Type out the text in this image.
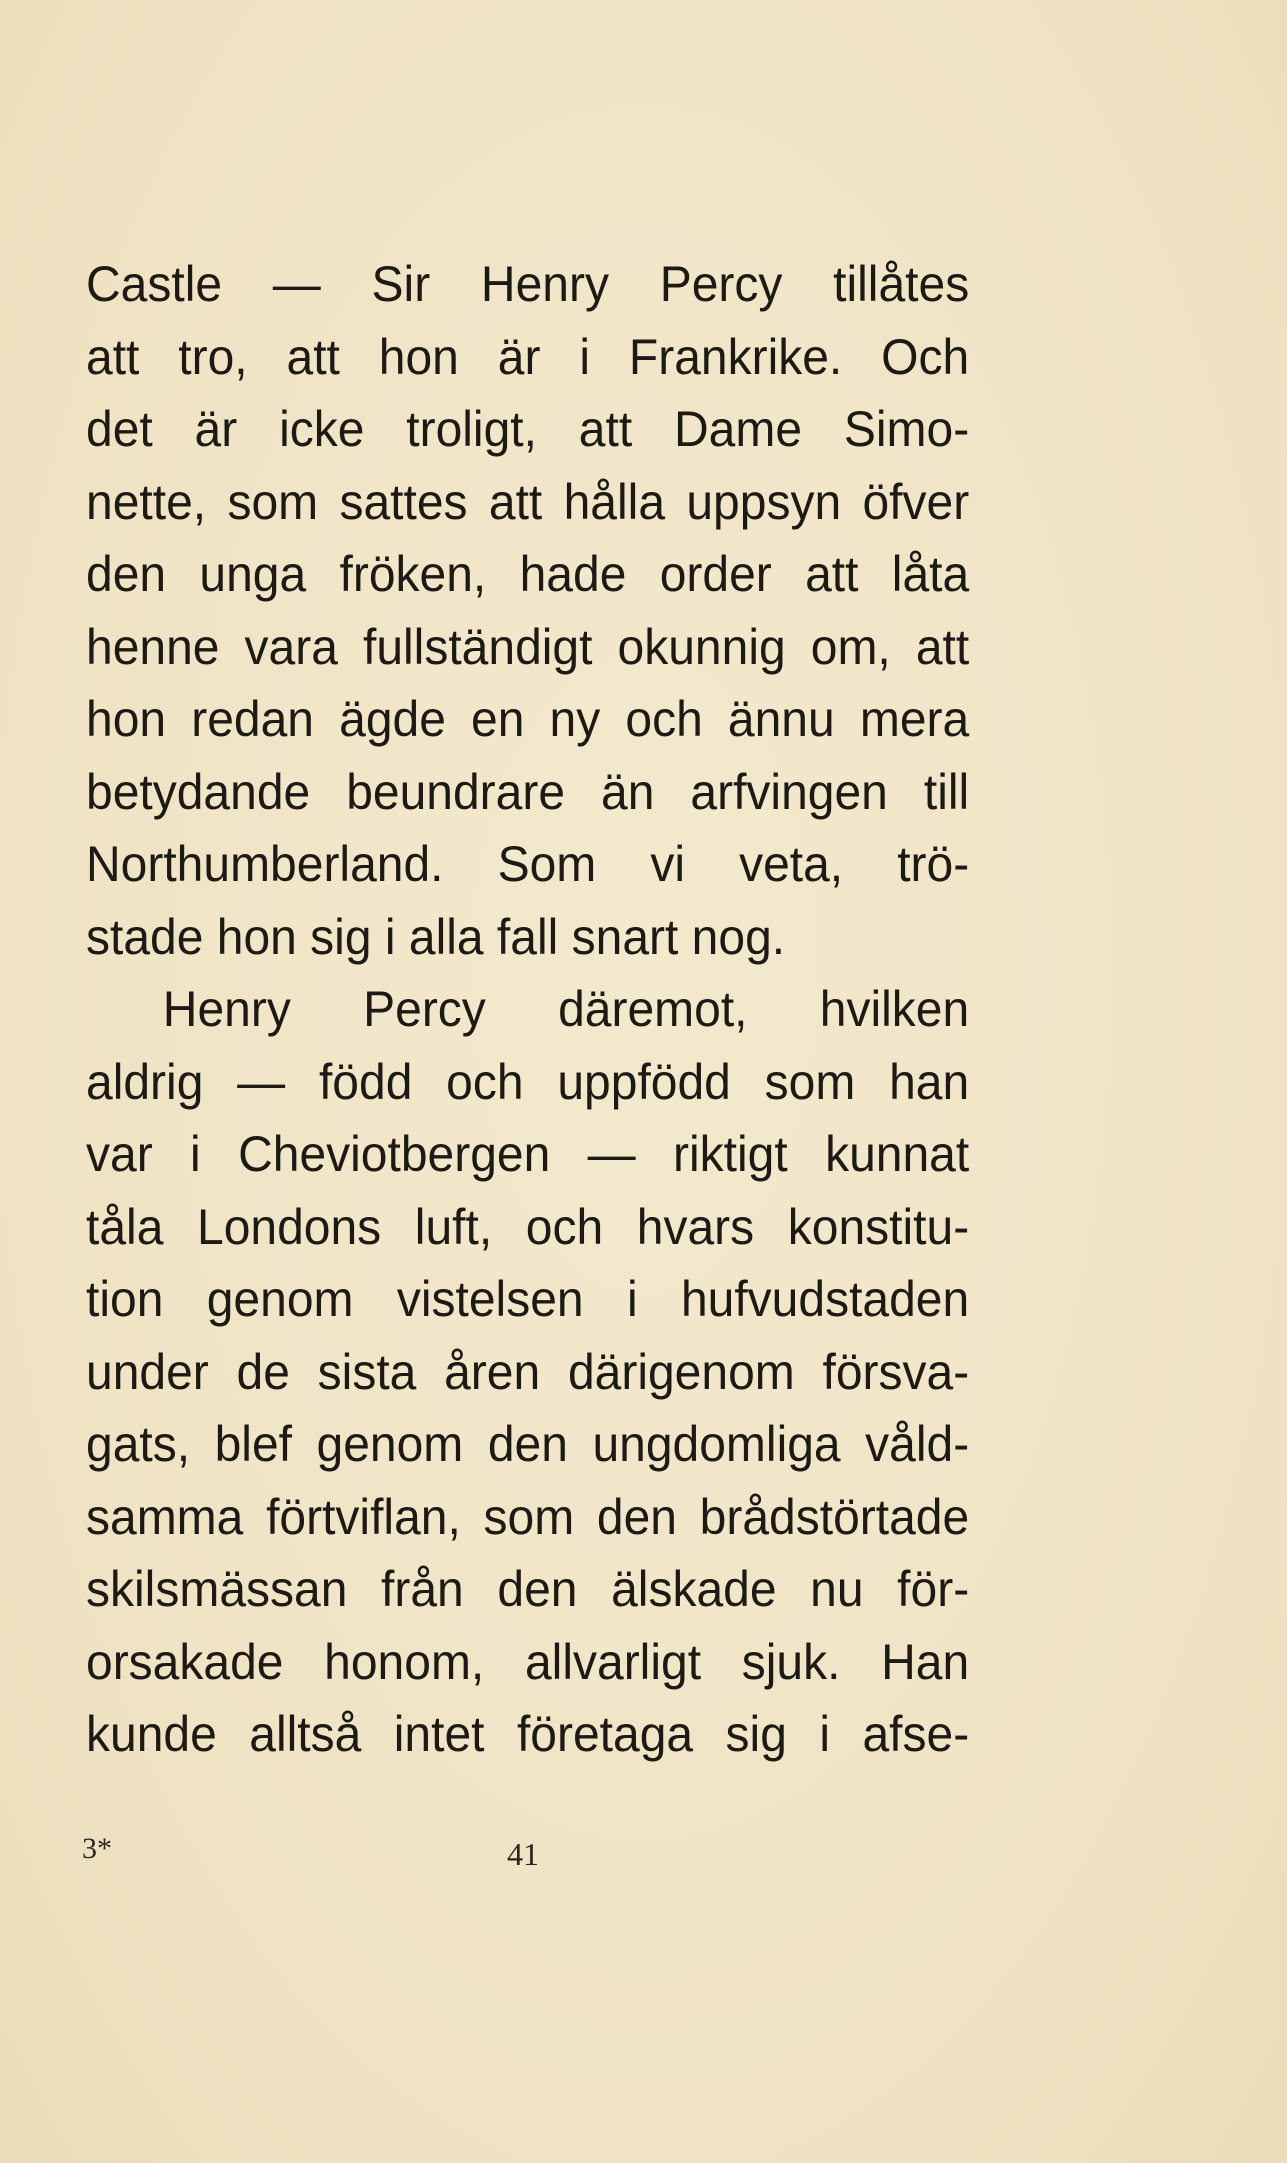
Castle — Sir Henry Percy tillåtes
att tro, att hon är i Frankrike. Och
det är icke troligt, att Dame Simo-
nette, som sattes att hålla uppsyn öfver
den unga fröken, hade order att låta
henne vara fullständigt okunnig om, att
hon redan ägde en ny och ännu mera
betydande beundrare än arfvingen till
Northumberland. Som vi veta, trö-
stade hon sig i alla fall snart nog.
Henry Percy däremot, hvilken
aldrig — född och uppfödd som han
var i Cheviotbergen — riktigt kunnat
tåla Londons luft, och hvars konstitu-
tion genom vistelsen i hufvudstaden
under de sista åren därigenom försva-
gats, blef genom den ungdomliga våld-
samma förtviflan, som den brådstörtade
skilsmässan från den älskade nu för-
orsakade honom, allvarligt sjuk. Han
kunde alltså intet företaga sig i afse-
3*	41
